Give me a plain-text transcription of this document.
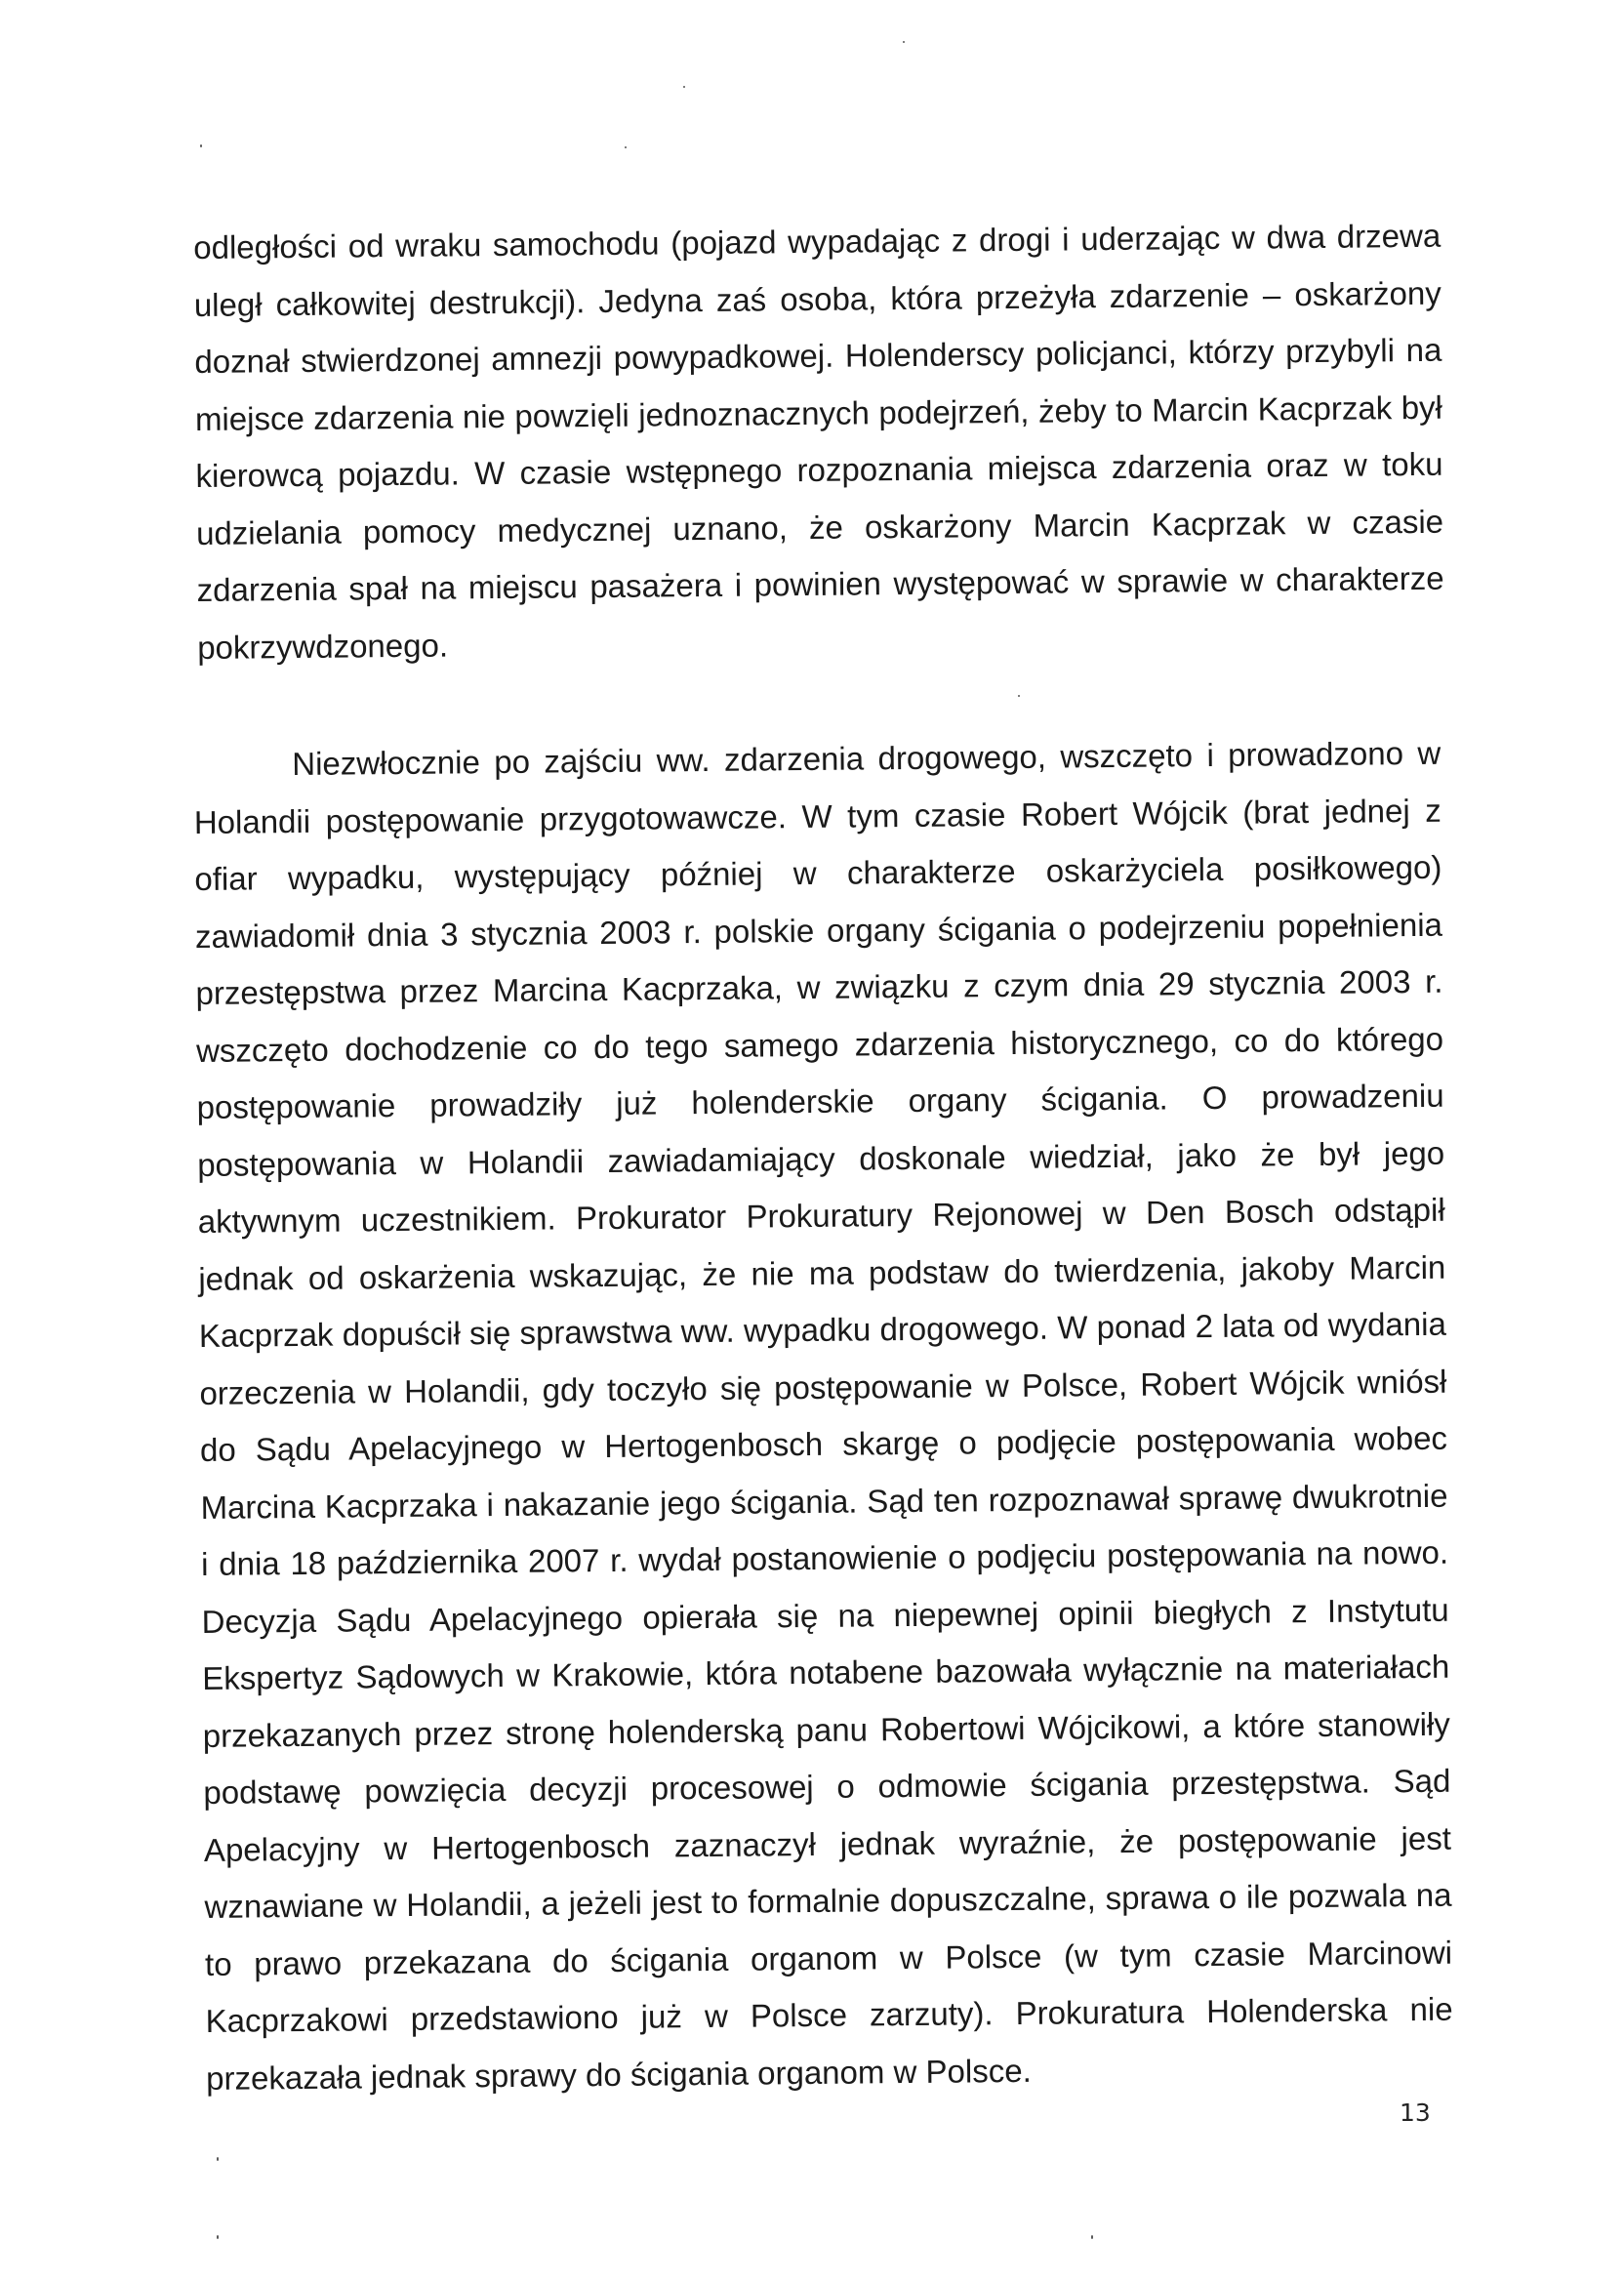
odległości od wraku samochodu (pojazd wypadając z drogi i uderzając w dwa drzewa uległ całkowitej destrukcji). Jedyna zaś osoba, która przeżyła zdarzenie – oskarżony doznał stwierdzonej amnezji powypadkowej. Holenderscy policjanci, którzy przybyli na miejsce zdarzenia nie powzięli jednoznacznych podejrzeń, żeby to Marcin Kacprzak był kierowcą pojazdu. W czasie wstępnego rozpoznania miejsca zdarzenia oraz w toku udzielania pomocy medycznej uznano, że oskarżony Marcin Kacprzak w czasie zdarzenia spał na miejscu pasażera i powinien występować w sprawie w charakterze pokrzywdzonego.

Niezwłocznie po zajściu ww. zdarzenia drogowego, wszczęto i prowadzono w Holandii postępowanie przygotowawcze. W tym czasie Robert Wójcik (brat jednej z ofiar wypadku, występujący później w charakterze oskarżyciela posiłkowego) zawiadomił dnia 3 stycznia 2003 r. polskie organy ścigania o podejrzeniu popełnienia przestępstwa przez Marcina Kacprzaka, w związku z czym dnia 29 stycznia 2003 r. wszczęto dochodzenie co do tego samego zdarzenia historycznego, co do którego postępowanie prowadziły już holenderskie organy ścigania. O prowadzeniu postępowania w Holandii zawiadamiający doskonale wiedział, jako że był jego aktywnym uczestnikiem. Prokurator Prokuratury Rejonowej w Den Bosch odstąpił jednak od oskarżenia wskazując, że nie ma podstaw do twierdzenia, jakoby Marcin Kacprzak dopuścił się sprawstwa ww. wypadku drogowego. W ponad 2 lata od wydania orzeczenia w Holandii, gdy toczyło się postępowanie w Polsce, Robert Wójcik wniósł do Sądu Apelacyjnego w Hertogenbosch skargę o podjęcie postępowania wobec Marcina Kacprzaka i nakazanie jego ścigania. Sąd ten rozpoznawał sprawę dwukrotnie i dnia 18 października 2007 r. wydał postanowienie o podjęciu postępowania na nowo. Decyzja Sądu Apelacyjnego opierała się na niepewnej opinii biegłych z Instytutu Ekspertyz Sądowych w Krakowie, która notabene bazowała wyłącznie na materiałach przekazanych przez stronę holenderską panu Robertowi Wójcikowi, a które stanowiły podstawę powzięcia decyzji procesowej o odmowie ścigania przestępstwa. Sąd Apelacyjny w Hertogenbosch zaznaczył jednak wyraźnie, że postępowanie jest wznawiane w Holandii, a jeżeli jest to formalnie dopuszczalne, sprawa o ile pozwala na to prawo przekazana do ścigania organom w Polsce (w tym czasie Marcinowi Kacprzakowi przedstawiono już w Polsce zarzuty). Prokuratura Holenderska nie przekazała jednak sprawy do ścigania organom w Polsce.

13
